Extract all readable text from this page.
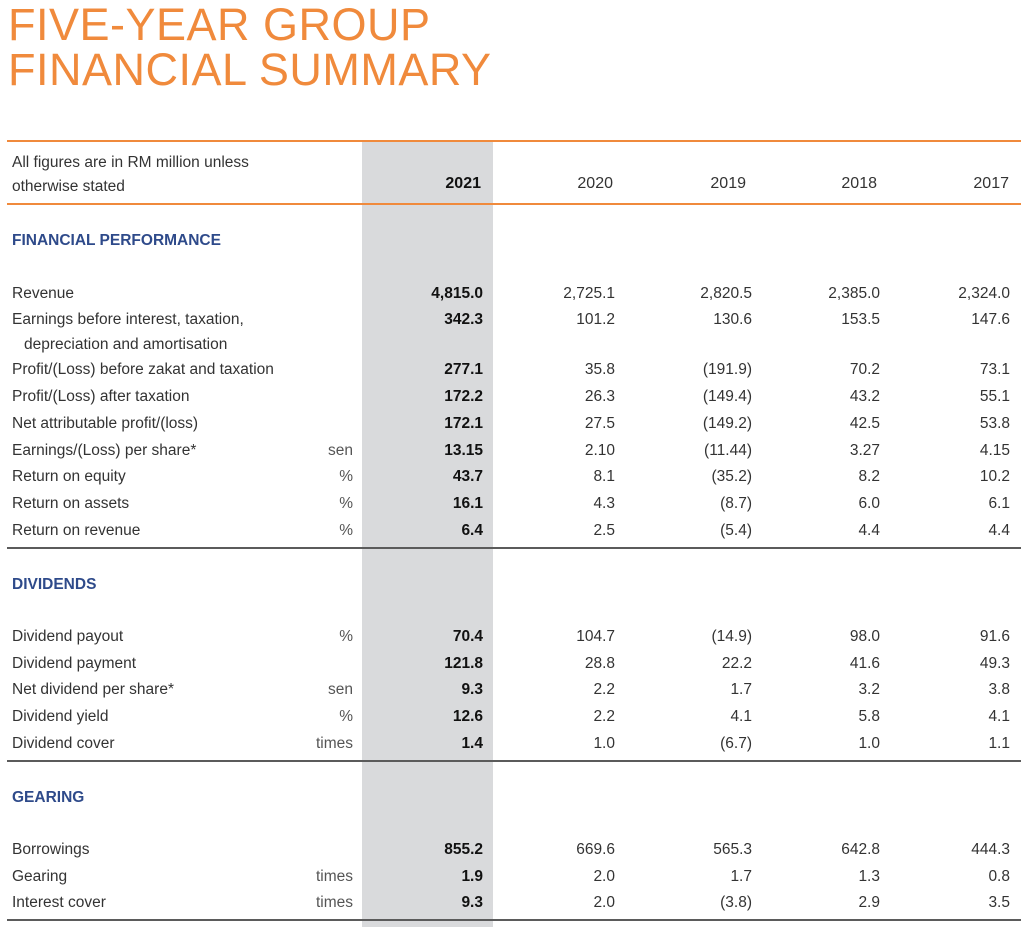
FIVE-YEAR GROUP
FINANCIAL SUMMARY
All figures are in RM million unless
otherwise stated	2021	2020	2019	2018	2017
FINANCIAL PERFORMANCE
Revenue	4,815.0	2,725.1	2,820.5	2,385.0	2,324.0
Earnings before interest, taxation,	342.3	101.2	130.6	153.5	147.6
depreciation and amortisation
Profit/(Loss) before zakat and taxation	277.1	35.8	(191.9)	70.2	73.1
Profit/(Loss) after taxation	172.2	26.3	(149.4)	43.2	55.1
Net attributable profit/(loss)	172.1	27.5	(149.2)	42.5	53.8
Earnings/(Loss) per share*	sen	13.15	2.10	(11.44)	3.27	4.15
Return on equity	%	43.7	8.1	(35.2)	8.2	10.2
Return on assets	%	16.1	4.3	(8.7)	6.0	6.1
Return on revenue	%	6.4	2.5	(5.4)	4.4	4.4
DIVIDENDS
Dividend payout	%	70.4	104.7	(14.9)	98.0	91.6
Dividend payment	121.8	28.8	22.2	41.6	49.3
Net dividend per share*	sen	9.3	2.2	1.7	3.2	3.8
Dividend yield	%	12.6	2.2	4.1	5.8	4.1
Dividend cover	times	1.4	1.0	(6.7)	1.0	1.1
GEARING
Borrowings	855.2	669.6	565.3	642.8	444.3
Gearing	times	1.9	2.0	1.7	1.3	0.8
Interest cover	times	9.3	2.0	(3.8)	2.9	3.5
